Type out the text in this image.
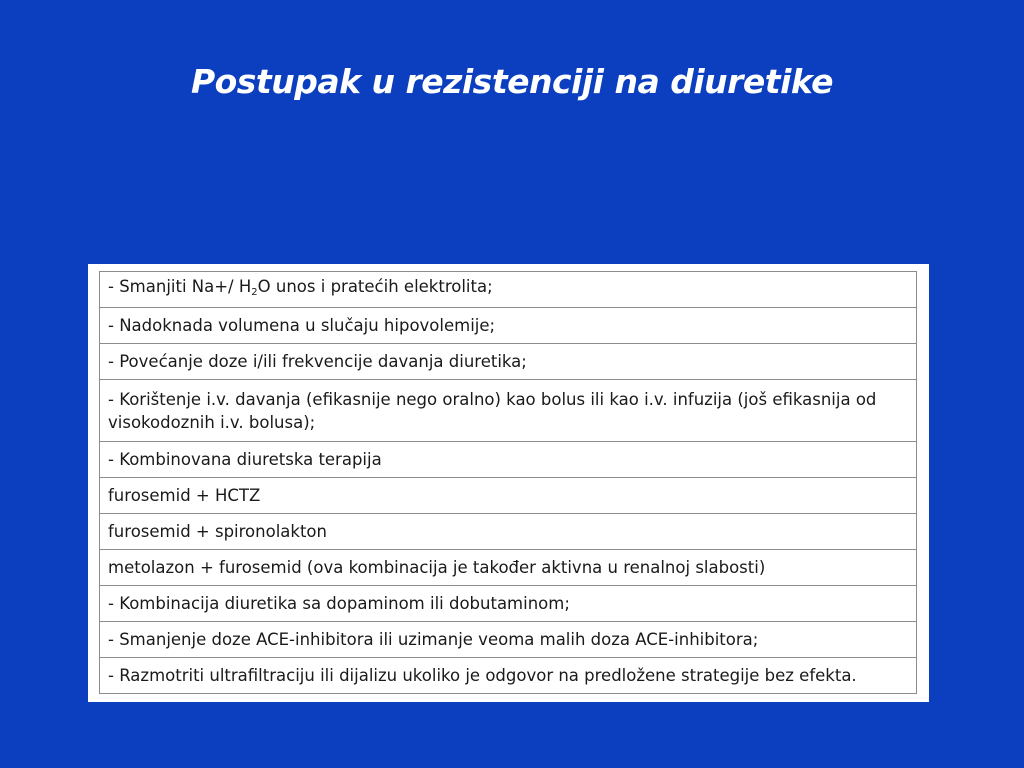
Postupak u rezistenciji na diuretike
- Smanjiti Na+/ $H_2O$ unos i pratećih elektrolita;
- Nadoknada volumena u slučaju hipovolemije;
- Povećanje doze i/ili frekvencije davanja diuretika;
- Korištenje i.v. davanja (efikasnije nego oralno) kao bolus ili kao i.v. infuzija (još efikasnija od visokodoznih i.v. bolusa);
- Kombinovana diuretska terapija
furosemid + HCTZ
furosemid + spironolakton
metolazon + furosemid (ova kombinacija je također aktivna u renalnoj slabosti)
- Kombinacija diuretika sa dopaminom ili dobutaminom;
- Smanjenje doze ACE-inhibitora ili uzimanje veoma malih doza ACE-inhibitora;
- Razmotriti ultrafiltraciju ili dijalizu ukoliko je odgovor na predložene strategije bez efekta.
